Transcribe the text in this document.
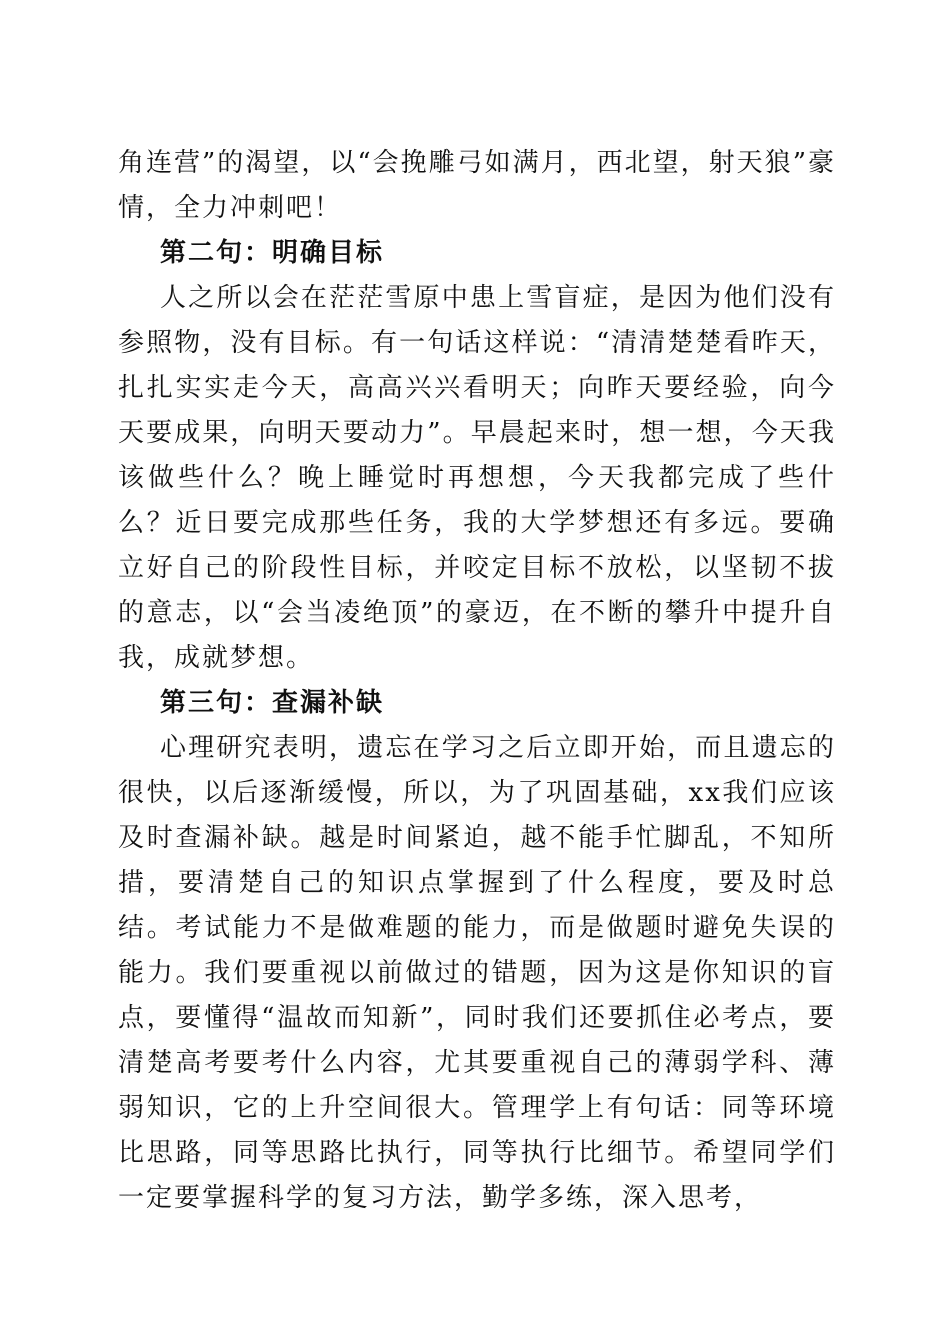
角连营”的渴望，以“会挽雕弓如满月，西北望，射天狼”豪情，全力冲刺吧！

第二句：明确目标

人之所以会在茫茫雪原中患上雪盲症，是因为他们没有参照物，没有目标。有一句话这样说：“清清楚楚看昨天，扎扎实实走今天，高高兴兴看明天；向昨天要经验，向今天要成果，向明天要动力”。早晨起来时，想一想，今天我该做些什么？晚上睡觉时再想想，今天我都完成了些什么？近日要完成那些任务，我的大学梦想还有多远。要确立好自己的阶段性目标，并咬定目标不放松，以坚韧不拔的意志，以“会当凌绝顶”的豪迈，在不断的攀升中提升自我，成就梦想。

第三句：查漏补缺

心理研究表明，遗忘在学习之后立即开始，而且遗忘的很快，以后逐渐缓慢，所以，为了巩固基础，xx我们应该及时查漏补缺。越是时间紧迫，越不能手忙脚乱，不知所措，要清楚自己的知识点掌握到了什么程度，要及时总结。考试能力不是做难题的能力，而是做题时避免失误的能力。我们要重视以前做过的错题，因为这是你知识的盲点，要懂得“温故而知新”，同时我们还要抓住必考点，要清楚高考要考什么内容，尤其要重视自己的薄弱学科、薄弱知识，它的上升空间很大。管理学上有句话：同等环境比思路，同等思路比执行，同等执行比细节。希望同学们一定要掌握科学的复习方法，勤学多练，深入思考，
